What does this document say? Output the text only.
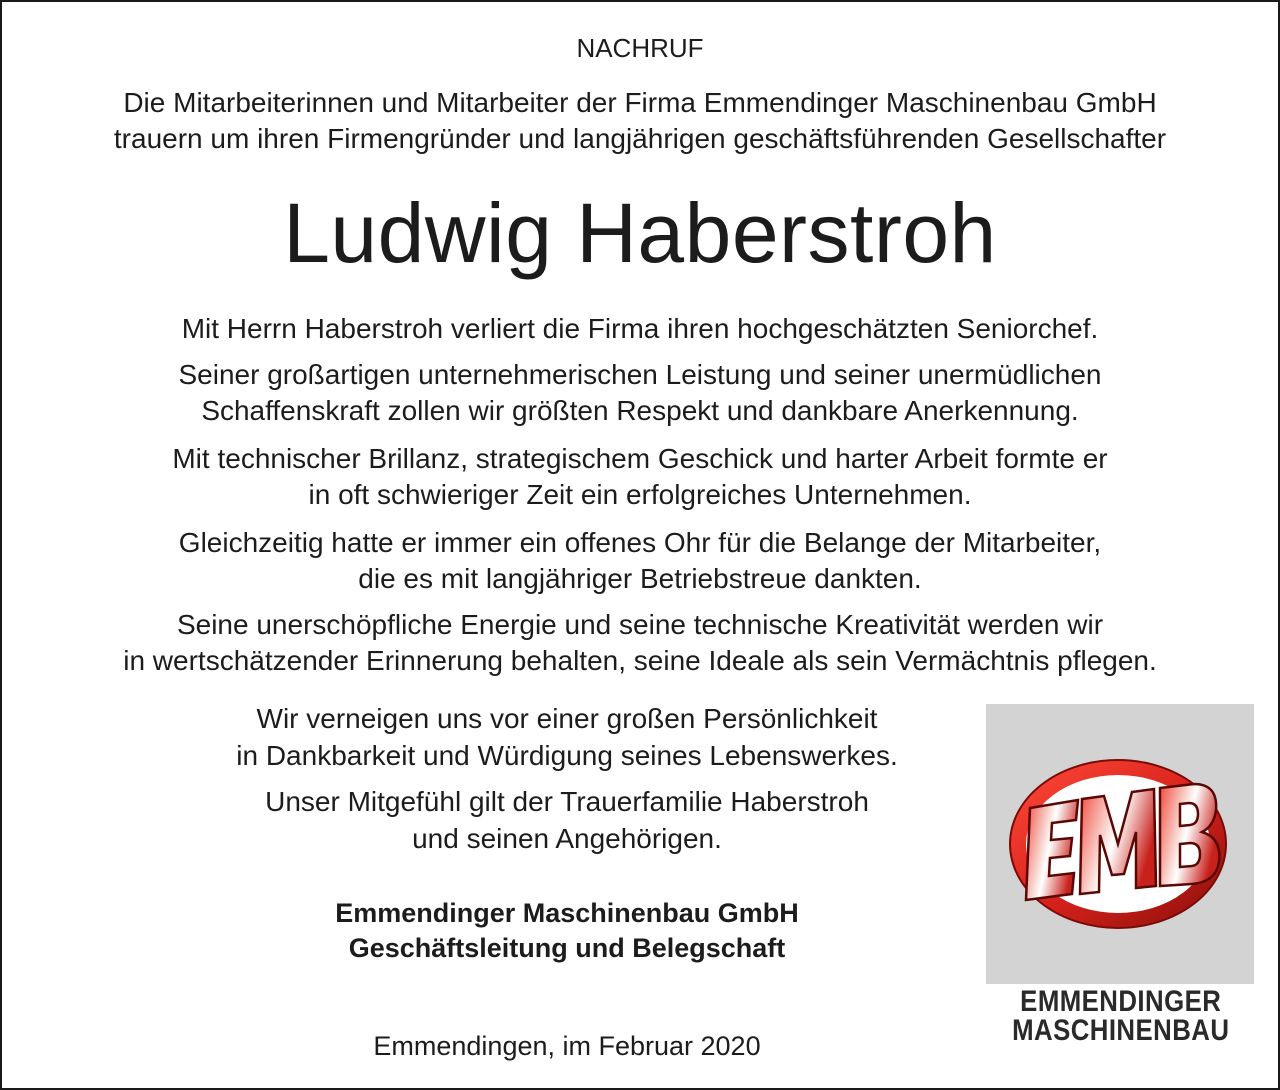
NACHRUF
Die Mitarbeiterinnen und Mitarbeiter der Firma Emmendinger Maschinenbau GmbH
trauern um ihren Firmengründer und langjährigen geschäftsführenden Gesellschafter
Ludwig Haberstroh
Mit Herrn Haberstroh verliert die Firma ihren hochgeschätzten Seniorchef.
Seiner großartigen unternehmerischen Leistung und seiner unermüdlichen
Schaffenskraft zollen wir größten Respekt und dankbare Anerkennung.
Mit technischer Brillanz, strategischem Geschick und harter Arbeit formte er
in oft schwieriger Zeit ein erfolgreiches Unternehmen.
Gleichzeitig hatte er immer ein offenes Ohr für die Belange der Mitarbeiter,
die es mit langjähriger Betriebstreue dankten.
Seine unerschöpfliche Energie und seine technische Kreativität werden wir
in wertschätzender Erinnerung behalten, seine Ideale als sein Vermächtnis pflegen.
Wir verneigen uns vor einer großen Persönlichkeit
in Dankbarkeit und Würdigung seines Lebenswerkes.
Unser Mitgefühl gilt der Trauerfamilie Haberstroh
und seinen Angehörigen.
Emmendinger Maschinenbau GmbH
Geschäftsleitung und Belegschaft
Emmendingen, im Februar 2020
EMMENDINGER
MASCHINENBAU
